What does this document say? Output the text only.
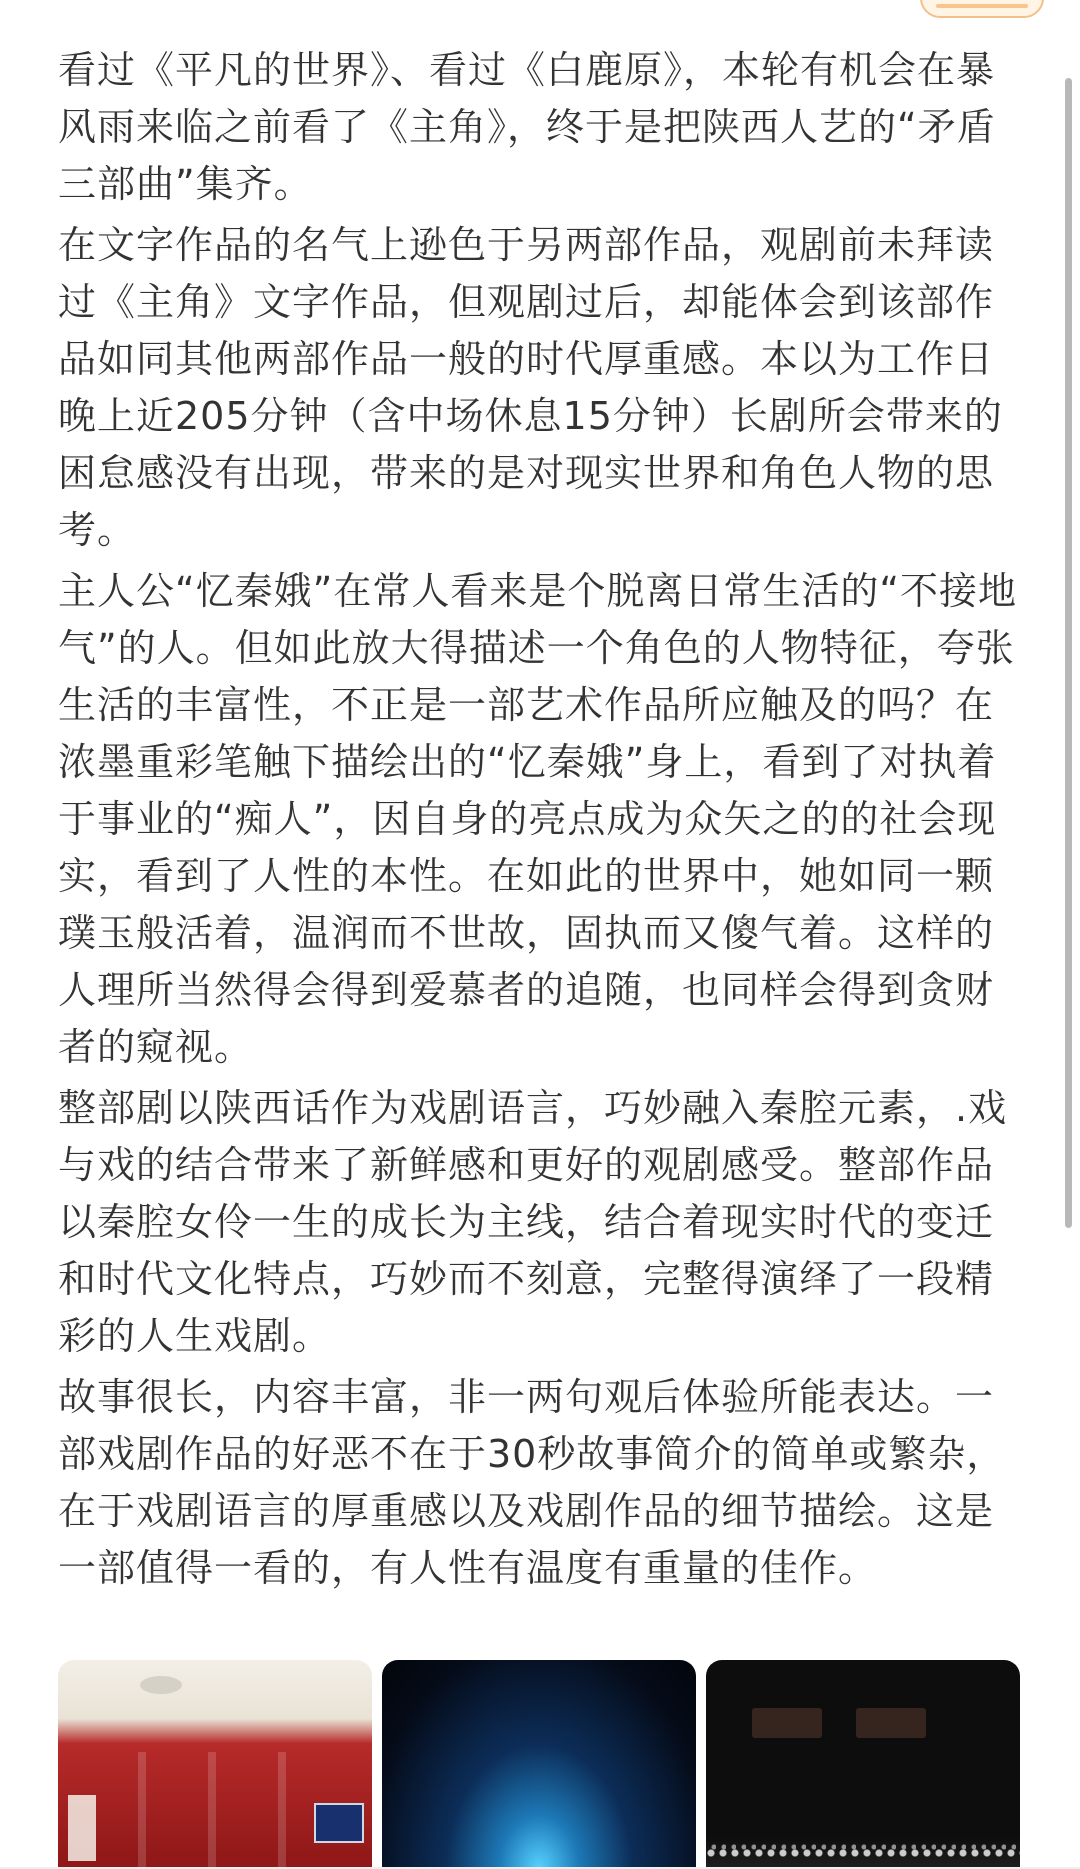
看过《平凡的世界》、看过《白鹿原》，本轮有机会在暴风雨来临之前看了《主角》，终于是把陕西人艺的“矛盾三部曲”集齐。

在文字作品的名气上逊色于另两部作品，观剧前未拜读过《主角》文字作品，但观剧过后，却能体会到该部作品如同其他两部作品一般的时代厚重感。本以为工作日晚上近205分钟（含中场休息15分钟）长剧所会带来的困怠感没有出现，带来的是对现实世界和角色人物的思考。

主人公“忆秦娥”在常人看来是个脱离日常生活的“不接地气”的人。但如此放大得描述一个角色的人物特征，夸张生活的丰富性，不正是一部艺术作品所应触及的吗？在浓墨重彩笔触下描绘出的“忆秦娥”身上，看到了对执着于事业的“痴人”，因自身的亮点成为众矢之的的社会现实，看到了人性的本性。在如此的世界中，她如同一颗璞玉般活着，温润而不世故，固执而又傻气着。这样的人理所当然得会得到爱慕者的追随，也同样会得到贪财者的窥视。

整部剧以陕西话作为戏剧语言，巧妙融入秦腔元素，.戏与戏的结合带来了新鲜感和更好的观剧感受。整部作品以秦腔女伶一生的成长为主线，结合着现实时代的变迁和时代文化特点，巧妙而不刻意，完整得演绎了一段精彩的人生戏剧。

故事很长，内容丰富，非一两句观后体验所能表达。一部戏剧作品的好恶不在于30秒故事简介的简单或繁杂，在于戏剧语言的厚重感以及戏剧作品的细节描绘。这是一部值得一看的，有人性有温度有重量的佳作。
